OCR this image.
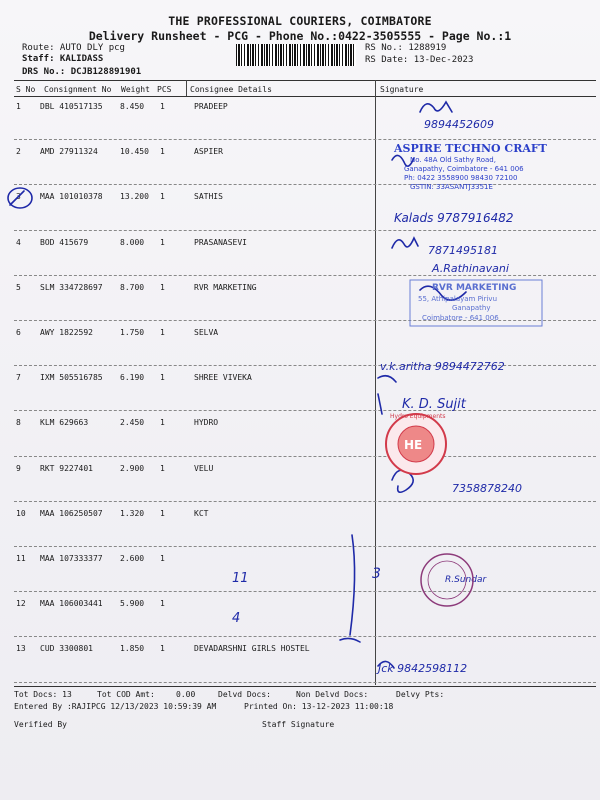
THE PROFESSIONAL COURIERS, COIMBATORE
Delivery Runsheet - PCG - Phone No.:0422-3505555 - Page No.:1
Route: AUTO DLY pcg
Staff: KALIDASS
DRS No.: DCJB128891901
RS No.: 1288919
RS Date: 13-Dec-2023
S No Consignment No Weight PCS Consignee Details	Signature
1 DBL 410517135 8.450 1	PRADEEP
2 AMD 27911324	10.450 1	ASPIER
3 MAA 101010378 13.200 1	SATHIS
4 BOD 415679	8.000 1	PRASANASEVI
5 SLM 334728697 8.700 1	RVR MARKETING
6 AWY 1822592	1.750 1	SELVA
7 IXM 505516785 6.190 1	SHREE VIVEKA
8 KLM 629663	2.450 1	HYDRO
9 RKT 9227401	2.900 1	VELU
10 MAA 106250507 1.320 1	KCT
11 MAA 107333377 2.600 1
12 MAA 106003441 5.900 1
13 CUD 3300801	1.850 1	DEVADARSHNI GIRLS HOSTEL
Tot Docs: 13	Tot COD Amt:	0.00	Delvd Docs:	Non Delvd Docs:	Delvy Pts:
Entered By :RAJIPCG 12/13/2023 10:59:39 AM	Printed On: 13-12-2023 11:00:18
Verified By	Staff Signature
9894452609
Kalads 9787916482
7871495181
A.Rathinavani
v.k.aritha 9894472762
K. D. Sujit
7358878240
R.Sundar
Jck 9842598112
3
11
4
ASPIRE TECHNO CRAFT
No. 48A Old Sathy Road,
Ganapathy, Coimbatore - 641 006
Ph: 0422 3558900 98430 72100
GSTIN: 33ASANTJ3351E
RVR MARKETING
55, Athipalayam Pirivu
Ganapathy
Coimbatore - 641 006
HE
Hydro Equipments
